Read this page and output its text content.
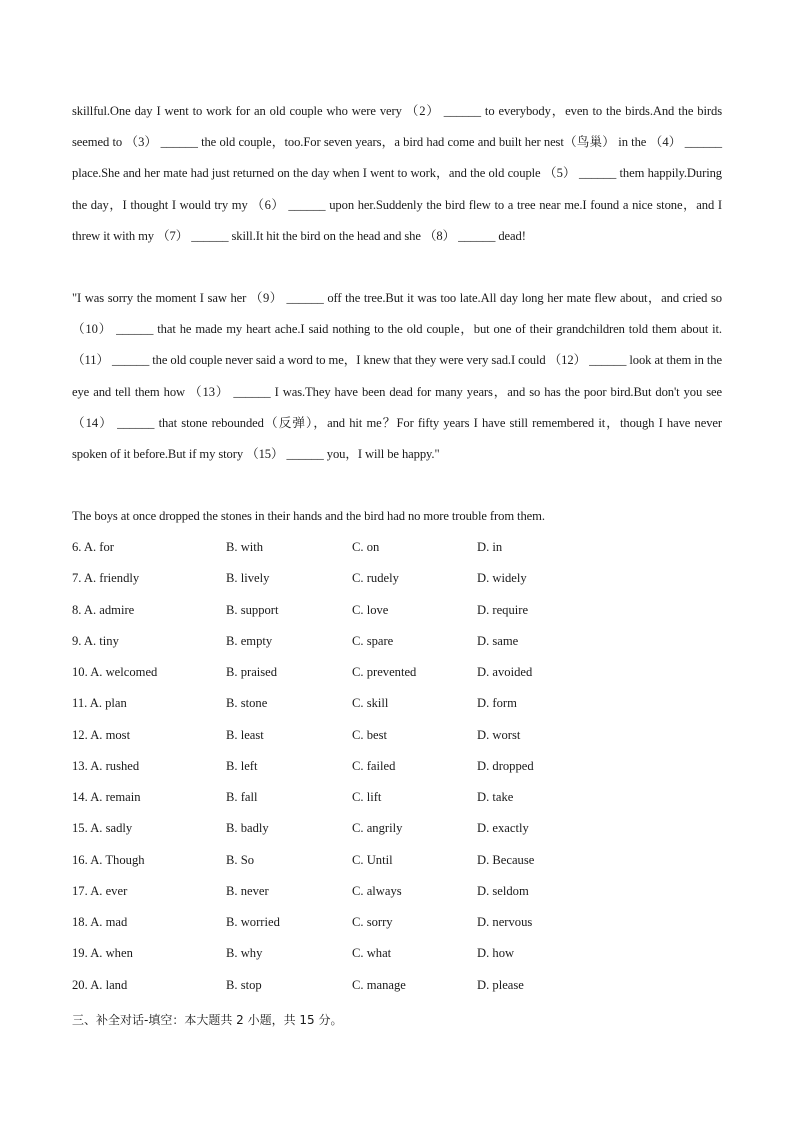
skillful.One day I went to work for an old couple who were very （2） ______ to everybody，even to the birds.And the birds seemed to （3） ______ the old couple，too.For seven years，a bird had come and built her nest（鸟巢） in the （4） ______ place.She and her mate had just returned on the day when I went to work，and the old couple （5） ______ them happily.During the day，I thought I would try my （6） ______ upon her.Suddenly the bird flew to a tree near me.I found a nice stone，and I threw it with my （7） ______ skill.It hit the bird on the head and she （8） ______ dead!
"I was sorry the moment I saw her （9） ______ off the tree.But it was too late.All day long her mate flew about，and cried so （10） ______ that he made my heart ache.I said nothing to the old couple，but one of their grandchildren told them about it. （11） ______ the old couple never said a word to me，I knew that they were very sad.I could （12） ______ look at them in the eye and tell them how （13） ______ I was.They have been dead for many years，and so has the poor bird.But don't you see（14） ______ that stone rebounded（反弹），and hit me？For fifty years I have still remembered it，though I have never spoken of it before.But if my story （15） ______ you，I will be happy."
The boys at once dropped the stones in their hands and the bird had no more trouble from them.
6. A. for	B. with	C. on	D. in
7. A. friendly	B. lively	C. rudely	D. widely
8. A. admire	B. support	C. love	D. require
9. A. tiny	B. empty	C. spare	D. same
10. A. welcomed	B. praised	C. prevented	D. avoided
11. A. plan	B. stone	C. skill	D. form
12. A. most	B. least	C. best	D. worst
13. A. rushed	B. left	C. failed	D. dropped
14. A. remain	B. fall	C. lift	D. take
15. A. sadly	B. badly	C. angrily	D. exactly
16. A. Though	B. So	C. Until	D. Because
17. A. ever	B. never	C. always	D. seldom
18. A. mad	B. worried	C. sorry	D. nervous
19. A. when	B. why	C. what	D. how
20. A. land	B. stop	C. manage	D. please
三、补全对话-填空：本大题共 2 小题，共 15 分。
